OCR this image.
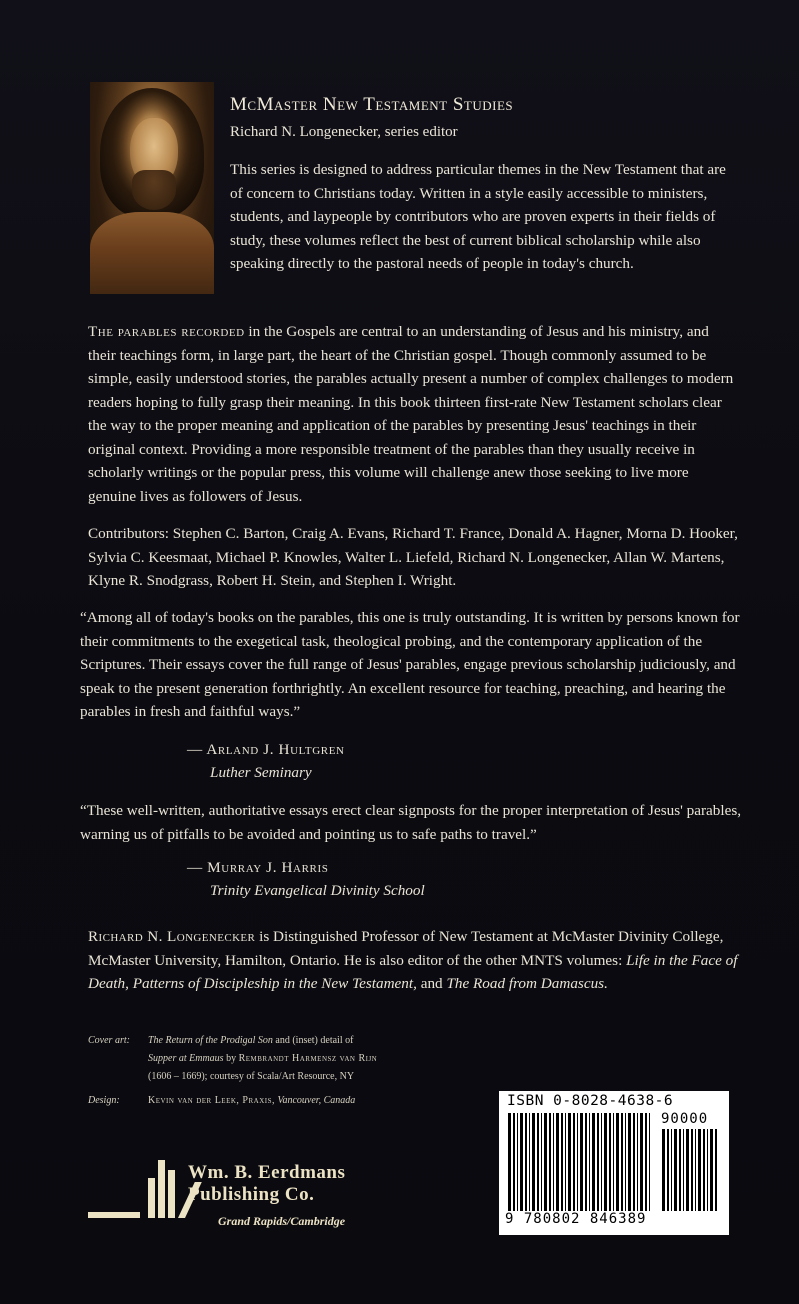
McMaster New Testament Studies
Richard N. Longenecker, series editor
This series is designed to address particular themes in the New Testament that are of concern to Christians today. Written in a style easily accessible to ministers, students, and laypeople by contributors who are proven experts in their fields of study, these volumes reflect the best of current biblical scholarship while also speaking directly to the pastoral needs of people in today's church.
The parables recorded in the Gospels are central to an understanding of Jesus and his ministry, and their teachings form, in large part, the heart of the Christian gospel. Though commonly assumed to be simple, easily understood stories, the parables actually present a number of complex challenges to modern readers hoping to fully grasp their meaning. In this book thirteen first-rate New Testament scholars clear the way to the proper meaning and application of the parables by presenting Jesus' teachings in their original context. Providing a more responsible treatment of the parables than they usually receive in scholarly writings or the popular press, this volume will challenge anew those seeking to live more genuine lives as followers of Jesus.
Contributors: Stephen C. Barton, Craig A. Evans, Richard T. France, Donald A. Hagner, Morna D. Hooker, Sylvia C. Keesmaat, Michael P. Knowles, Walter L. Liefeld, Richard N. Longenecker, Allan W. Martens, Klyne R. Snodgrass, Robert H. Stein, and Stephen I. Wright.
“Among all of today's books on the parables, this one is truly outstanding. It is written by persons known for their commitments to the exegetical task, theological probing, and the contemporary application of the Scriptures. Their essays cover the full range of Jesus' parables, engage previous scholarship judiciously, and speak to the present generation forthrightly. An excellent resource for teaching, preaching, and hearing the parables in fresh and faithful ways.”
— Arland J. Hultgren
Luther Seminary
“These well-written, authoritative essays erect clear signposts for the proper interpretation of Jesus' parables, warning us of pitfalls to be avoided and pointing us to safe paths to travel.”
— Murray J. Harris
Trinity Evangelical Divinity School
Richard N. Longenecker is Distinguished Professor of New Testament at McMaster Divinity College, McMaster University, Hamilton, Ontario. He is also editor of the other MNTS volumes: Life in the Face of Death, Patterns of Discipleship in the New Testament, and The Road from Damascus.
Cover art:	The Return of the Prodigal Son and (inset) detail of
Supper at Emmaus by Rembrandt Harmensz van Rijn
(1606 – 1669); courtesy of Scala/Art Resource, NY
Design:	Kevin van der Leek, Praxis, Vancouver, Canada
Wm. B. Eerdmans
Publishing Co.
Grand Rapids/Cambridge
ISBN 0-8028-4638-6
90000
9 780802 846389
